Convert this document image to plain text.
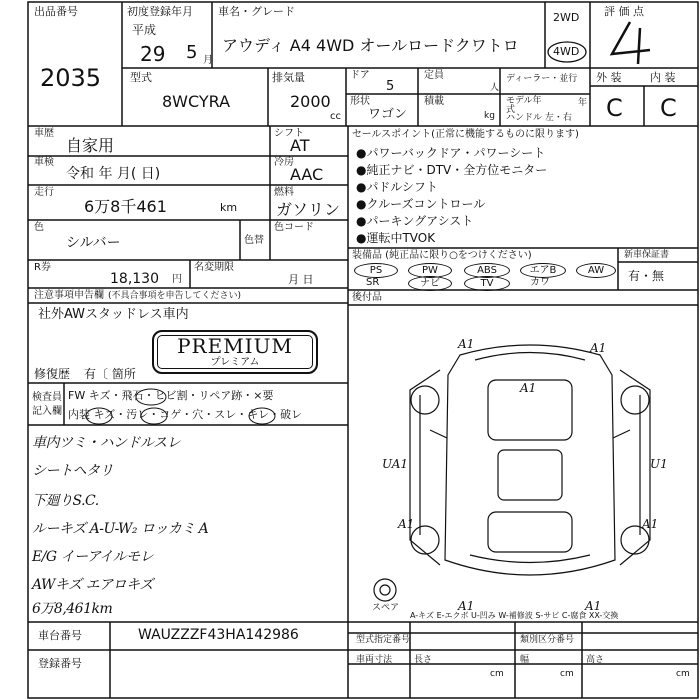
出品番号
2035
初度登録年月
平成
29 5 月
車名・グレード
アウディ A4 4WD オールロードクワトロ
2WD
4WD
評 価 点
外 装	内 装
C C
型式
8WCYRA
排気量
2000
cc
ドア
5
定員
人
形状
ワゴン
積載
kg
ディーラー・並行
モデル年式
年
ハンドル 左・右
車歴
自家用
シフト
AT
車検
令和 年 月( 日)
冷房
AAC
走行
6万8千461	km
燃料
ガソリン
色
シルバー	色替
色コード
R券
18,130 円
名変期限
月 日
セールスポイント(正常に機能するものに限ります)
●パワーバックドア・パワーシート
●純正ナビ・DTV・全方位モニター
●パドルシフト
●クルーズコントロール
●パーキングアシスト
●運転中TVOK
装備品 (純正品に限り○をつけください)
PS	PW	ABS	エアB	AW
SR	ナビ	TV	カワ
新車保証書
有・無
後付品
注意事項申告欄 (不具合事項を申告してください)
社外AWスタッドレス車内
PREMIUM
プレミアム
修復歴 有〔 箇所
検査員
記入欄
FW キズ・飛石・ヒビ割・リペア跡・×要
内装 キズ・汚レ・コゲ・穴・スレ・キレ・破レ
車内ツミ・ハンドルスレ
シートヘタリ
下廻りS.C.
ルーキズ A-U-W₂ ロッカミ A
E/G イーアイルモレ
AWキズ エアロキズ
6万8,461km
A1	A1
A1
UA1	U1
A1	A1
A1	A1
スペア
A-キズ E-エクボ U-凹み W-補修波 S-サビ C-腐食 XX-交換
車台番号	WAUZZZF43HA142986
登録番号
型式指定番号	類別区分番号
車両寸法 長さ	幅	高さ
cm	cm	cm
